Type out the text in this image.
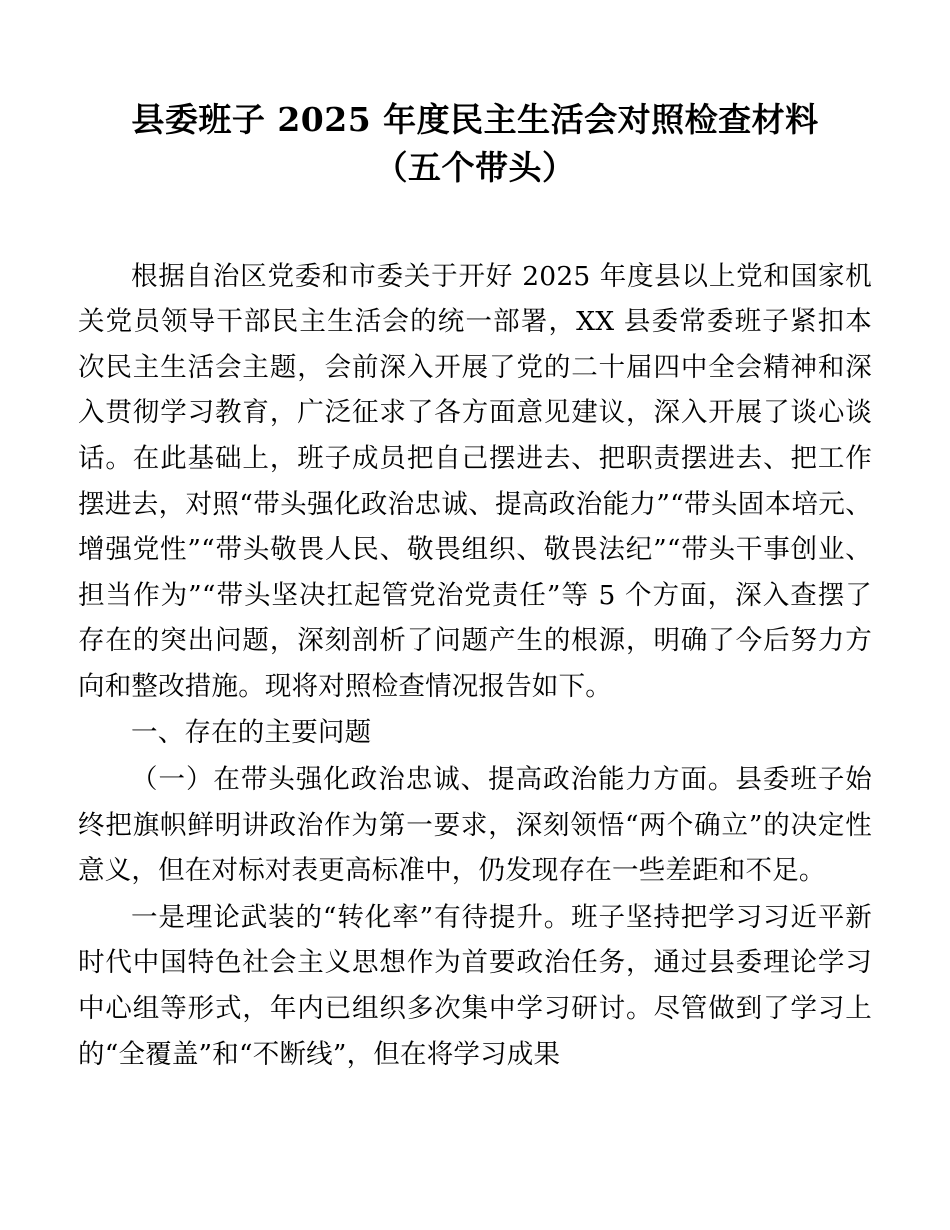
县委班子 2025 年度民主生活会对照检查材料
（五个带头）

根据自治区党委和市委关于开好 2025 年度县以上党和国家机关党员领导干部民主生活会的统一部署，XX 县委常委班子紧扣本次民主生活会主题，会前深入开展了党的二十届四中全会精神和深入贯彻学习教育，广泛征求了各方面意见建议，深入开展了谈心谈话。在此基础上，班子成员把自己摆进去、把职责摆进去、把工作摆进去，对照“带头强化政治忠诚、提高政治能力”“带头固本培元、增强党性”“带头敬畏人民、敬畏组织、敬畏法纪”“带头干事创业、担当作为”“带头坚决扛起管党治党责任”等 5 个方面，深入查摆了存在的突出问题，深刻剖析了问题产生的根源，明确了今后努力方向和整改措施。现将对照检查情况报告如下。

一、存在的主要问题

（一）在带头强化政治忠诚、提高政治能力方面。县委班子始终把旗帜鲜明讲政治作为第一要求，深刻领悟“两个确立”的决定性意义，但在对标对表更高标准中，仍发现存在一些差距和不足。

一是理论武装的“转化率”有待提升。班子坚持把学习习近平新时代中国特色社会主义思想作为首要政治任务，通过县委理论学习中心组等形式，年内已组织多次集中学习研讨。尽管做到了学习上的“全覆盖”和“不断线”，但在将学习成果
